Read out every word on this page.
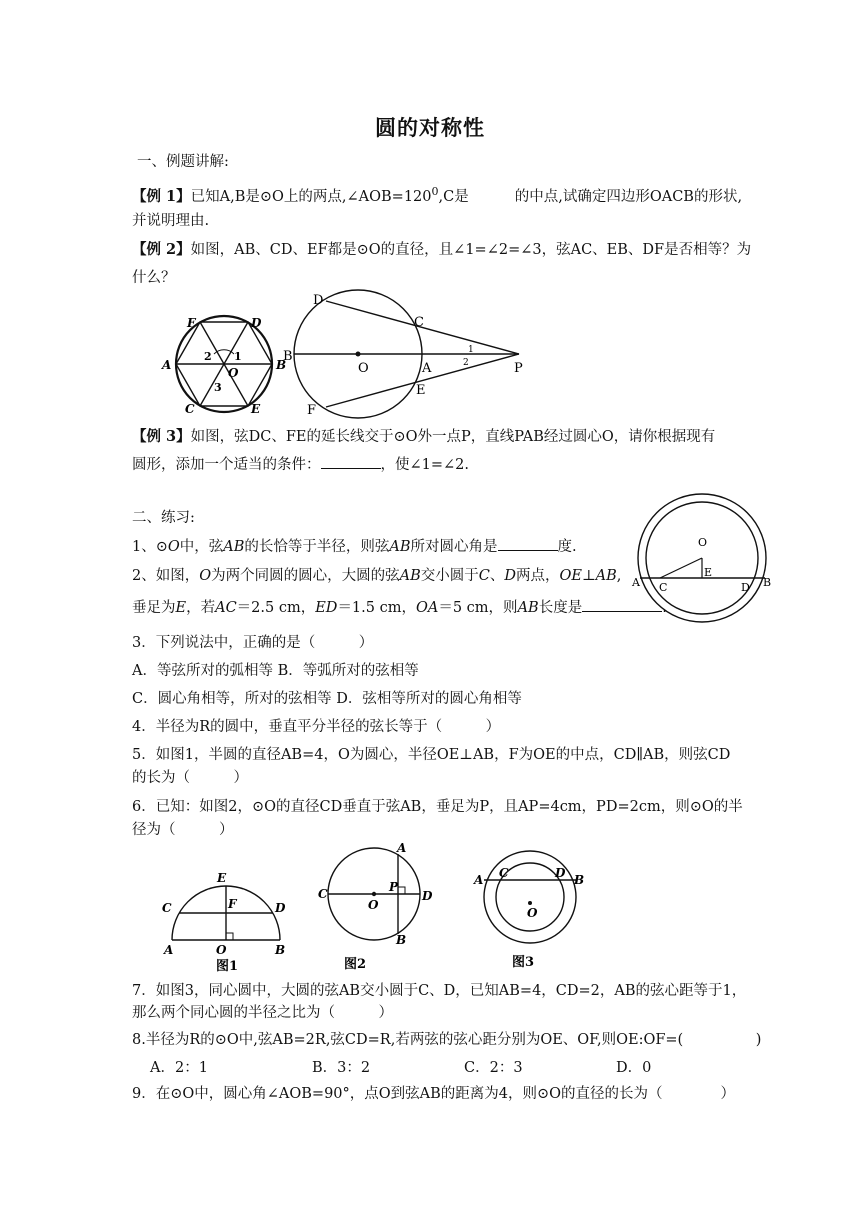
圆的对称性
一、例题讲解:
【例 1】已知A,B是⊙O上的两点$,\angle AOB=120^0,C$是	的中点,试确定四边形OACB的形状,
并说明理由.
【例 2】如图，AB、CD、EF都是⊙O的直径，且∠1=∠2=∠3，弦AC、EB、DF是否相等？为
什么？
F	D
A	B
C	E
O
1
2
3
D
C
B
O	A	P
E
F
1
2
【例 3】如图，弦DC、FE的延长线交于⊙O外一点P，直线PAB经过圆心O，请你根据现有
圆形，添加一个适当的条件：	，使∠1=∠2.
二、练习:
1、⊙O中，弦AB的长恰等于半径，则弦AB所对圆心角是	度.
2、如图，O为两个同圆的圆心，大圆的弦AB交小圆于C、D两点，OE⊥AB,
垂足为E，若AC＝2.5 cm，ED＝1.5 cm，OA＝5 cm，则AB长度是	.
O
A C
E
D B
3．下列说法中，正确的是（　　　）
A．等弦所对的弧相等 B．等弧所对的弦相等
C．圆心角相等，所对的弦相等 D．弦相等所对的圆心角相等
4．半径为R的圆中，垂直平分半径的弦长等于（　　　）
5．如图1，半圆的直径AB=4，O为圆心，半径OE⊥AB，F为OE的中点，CD∥AB，则弦CD
的长为（　　　）
6．已知：如图2，⊙O的直径CD垂直于弦AB，垂足为P，且AP=4cm，PD=2cm，则⊙O的半
径为（　　　）
E
F
C	D
A	O	B
图1
A
C
O
P
D
B
图2
A C	D B
O
图3
7．如图3，同心圆中，大圆的弦AB交小圆于C、D，已知AB=4，CD=2，AB的弦心距等于1，
那么两个同心圆的半径之比为（　　　）
8.半径为R的⊙O中,弦AB=2R,弦CD=R,若两弦的弦心距分别为OE、OF,则OE:OF=(　　　　　)
A．2：1	B．3：2	C．2：3	D．0
9．在⊙O中，圆心角∠AOB=90°，点O到弦AB的距离为4，则⊙O的直径的长为（　　　　）
